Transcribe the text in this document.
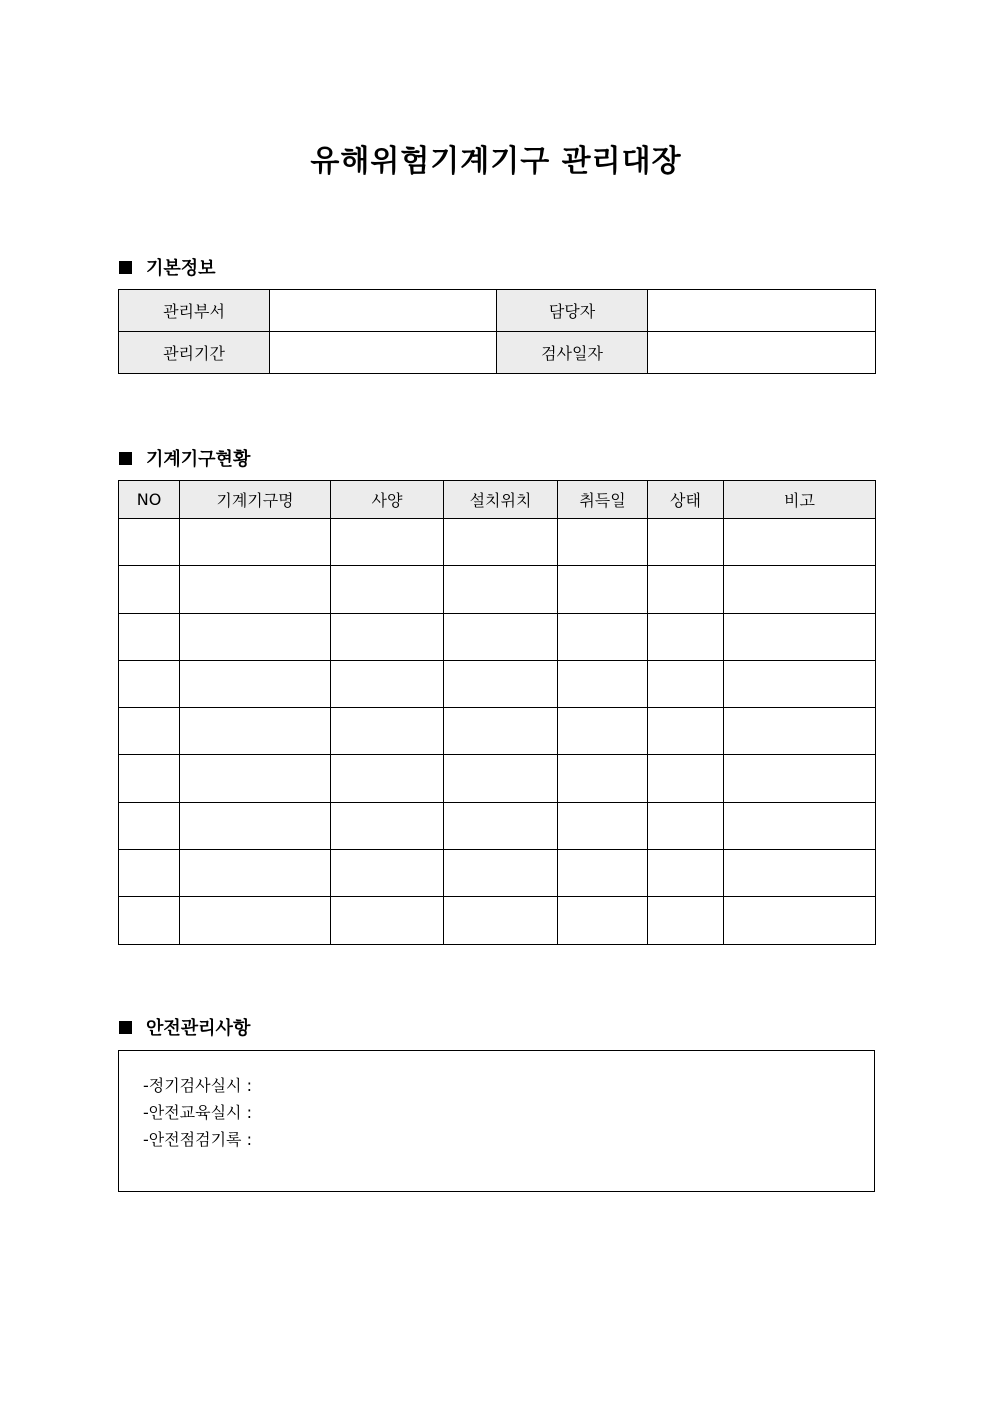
유해위험기계기구 관리대장
기본정보
관리부서		담당자	
관리기간		검사일자	
기계기구현황
NO	기계기구명	사양	설치위치	취득일	상태	비고

안전관리사항
-정기검사실시 :
-안전교육실시 :
-안전점검기록 :
